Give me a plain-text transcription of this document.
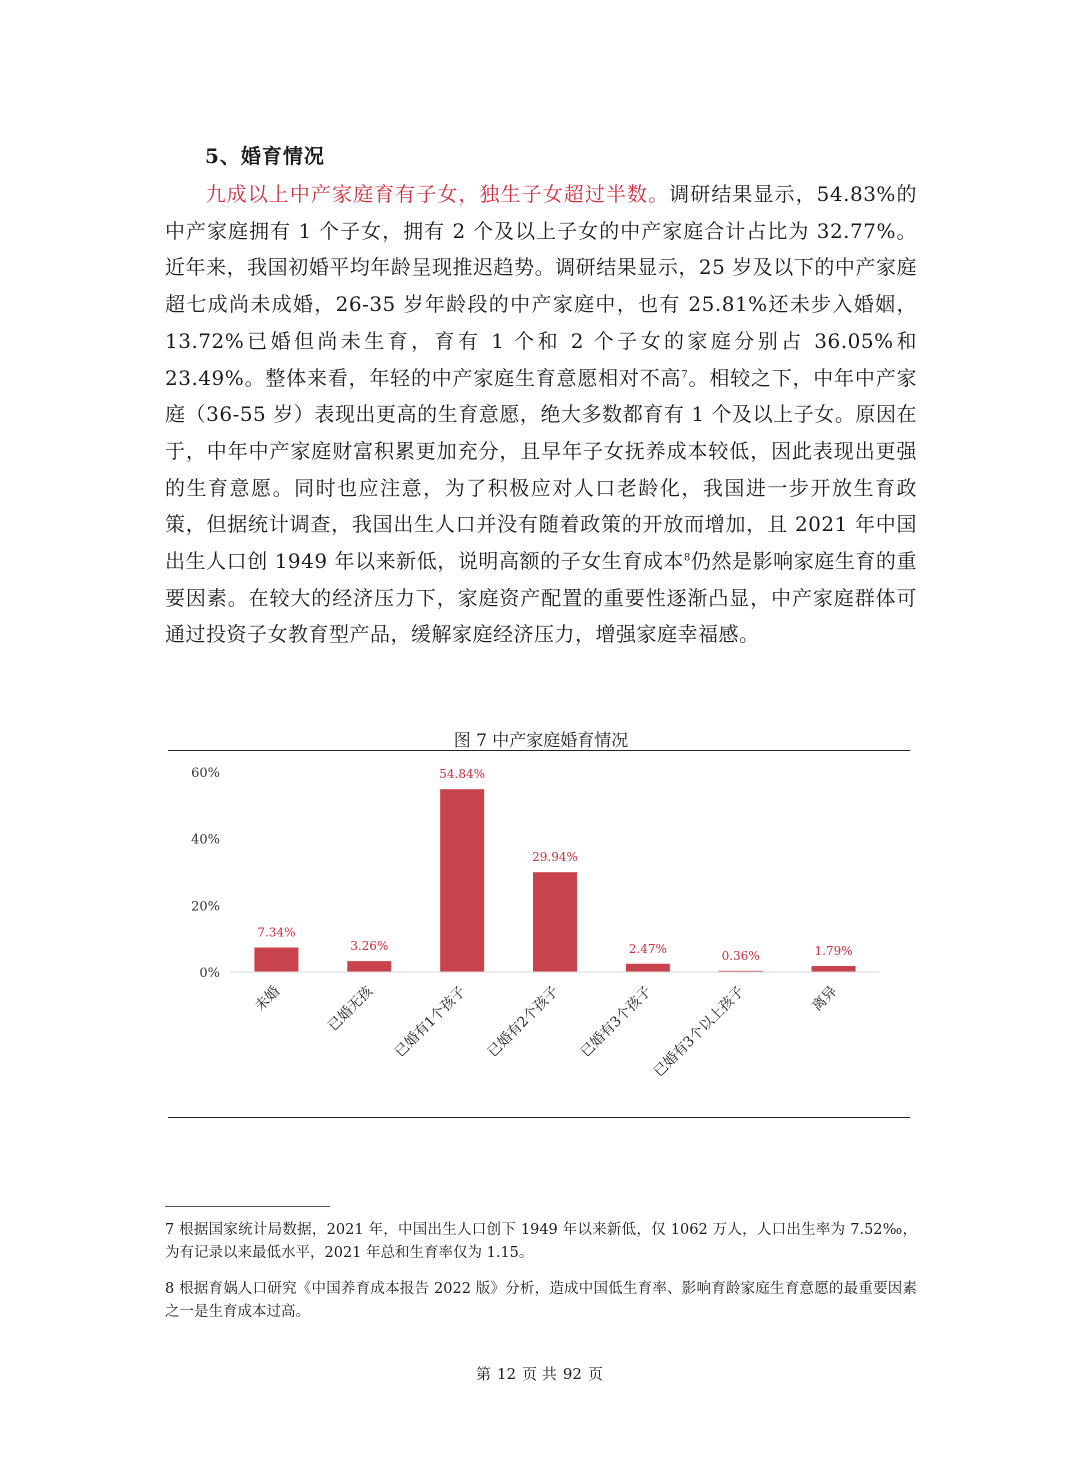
5、婚育情况

九成以上中产家庭育有子女，独生子女超过半数。调研结果显示，54.83%的中产家庭拥有 1 个子女，拥有 2 个及以上子女的中产家庭合计占比为 32.77%。近年来，我国初婚平均年龄呈现推迟趋势。调研结果显示，25 岁及以下的中产家庭超七成尚未成婚，26-35 岁年龄段的中产家庭中，也有 25.81%还未步入婚姻，13.72%已婚但尚未生育，育有 1 个和 2 个子女的家庭分别占 36.05%和 23.49%。整体来看，年轻的中产家庭生育意愿相对不高$^7$。相较之下，中年中产家庭（36-55 岁）表现出更高的生育意愿，绝大多数都育有 1 个及以上子女。原因在于，中年中产家庭财富积累更加充分，且早年子女抚养成本较低，因此表现出更强的生育意愿。同时也应注意，为了积极应对人口老龄化，我国进一步开放生育政策，但据统计调查，我国出生人口并没有随着政策的开放而增加，且 2021 年中国出生人口创 1949 年以来新低，说明高额的子女生育成本$^8$仍然是影响家庭生育的重要因素。在较大的经济压力下，家庭资产配置的重要性逐渐凸显，中产家庭群体可通过投资子女教育型产品，缓解家庭经济压力，增强家庭幸福感。

图 7 中产家庭婚育情况
0%
20%
40%
60%
7.34%
3.26%
54.84%
29.94%
2.47%
0.36%	1.79%
未婚	已婚无孩 已婚有1个孩子 已婚有2个孩子 已婚有3个孩子
已婚有3个以上孩子	离异

7 根据国家统计局数据，2021 年，中国出生人口创下 1949 年以来新低，仅 1062 万人，人口出生率为 7.52‰，为有记录以来最低水平，2021 年总和生育率仅为 1.15。

8 根据育娲人口研究《中国养育成本报告 2022 版》分析，造成中国低生育率、影响育龄家庭生育意愿的最重要因素之一是生育成本过高。

第 12 页 共 92 页
